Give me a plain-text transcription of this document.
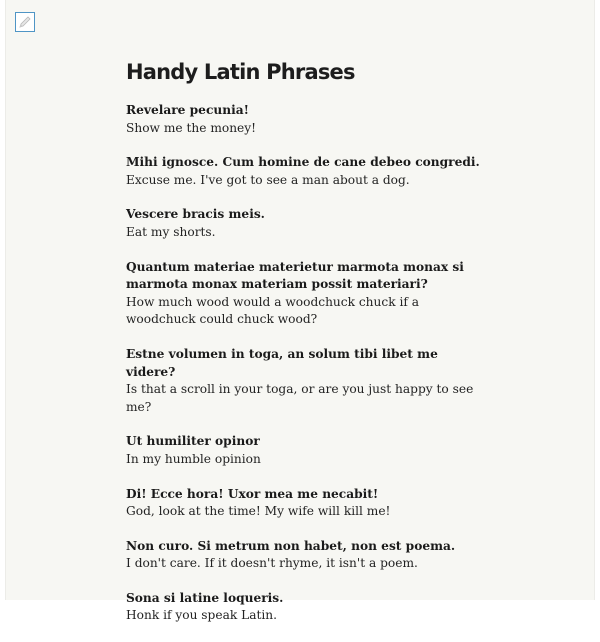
Handy Latin Phrases
Revelare pecunia!
Show me the money!
Mihi ignosce. Cum homine de cane debeo congredi.
Excuse me. I've got to see a man about a dog.
Vescere bracis meis.
Eat my shorts.
Quantum materiae materietur marmota monax si marmota monax materiam possit materiari?
How much wood would a woodchuck chuck if a woodchuck could chuck wood?
Estne volumen in toga, an solum tibi libet me videre?
Is that a scroll in your toga, or are you just happy to see me?
Ut humiliter opinor
In my humble opinion
Di! Ecce hora! Uxor mea me necabit!
God, look at the time! My wife will kill me!
Non curo. Si metrum non habet, non est poema.
I don't care. If it doesn't rhyme, it isn't a poem.
Sona si latine loqueris.
Honk if you speak Latin.
